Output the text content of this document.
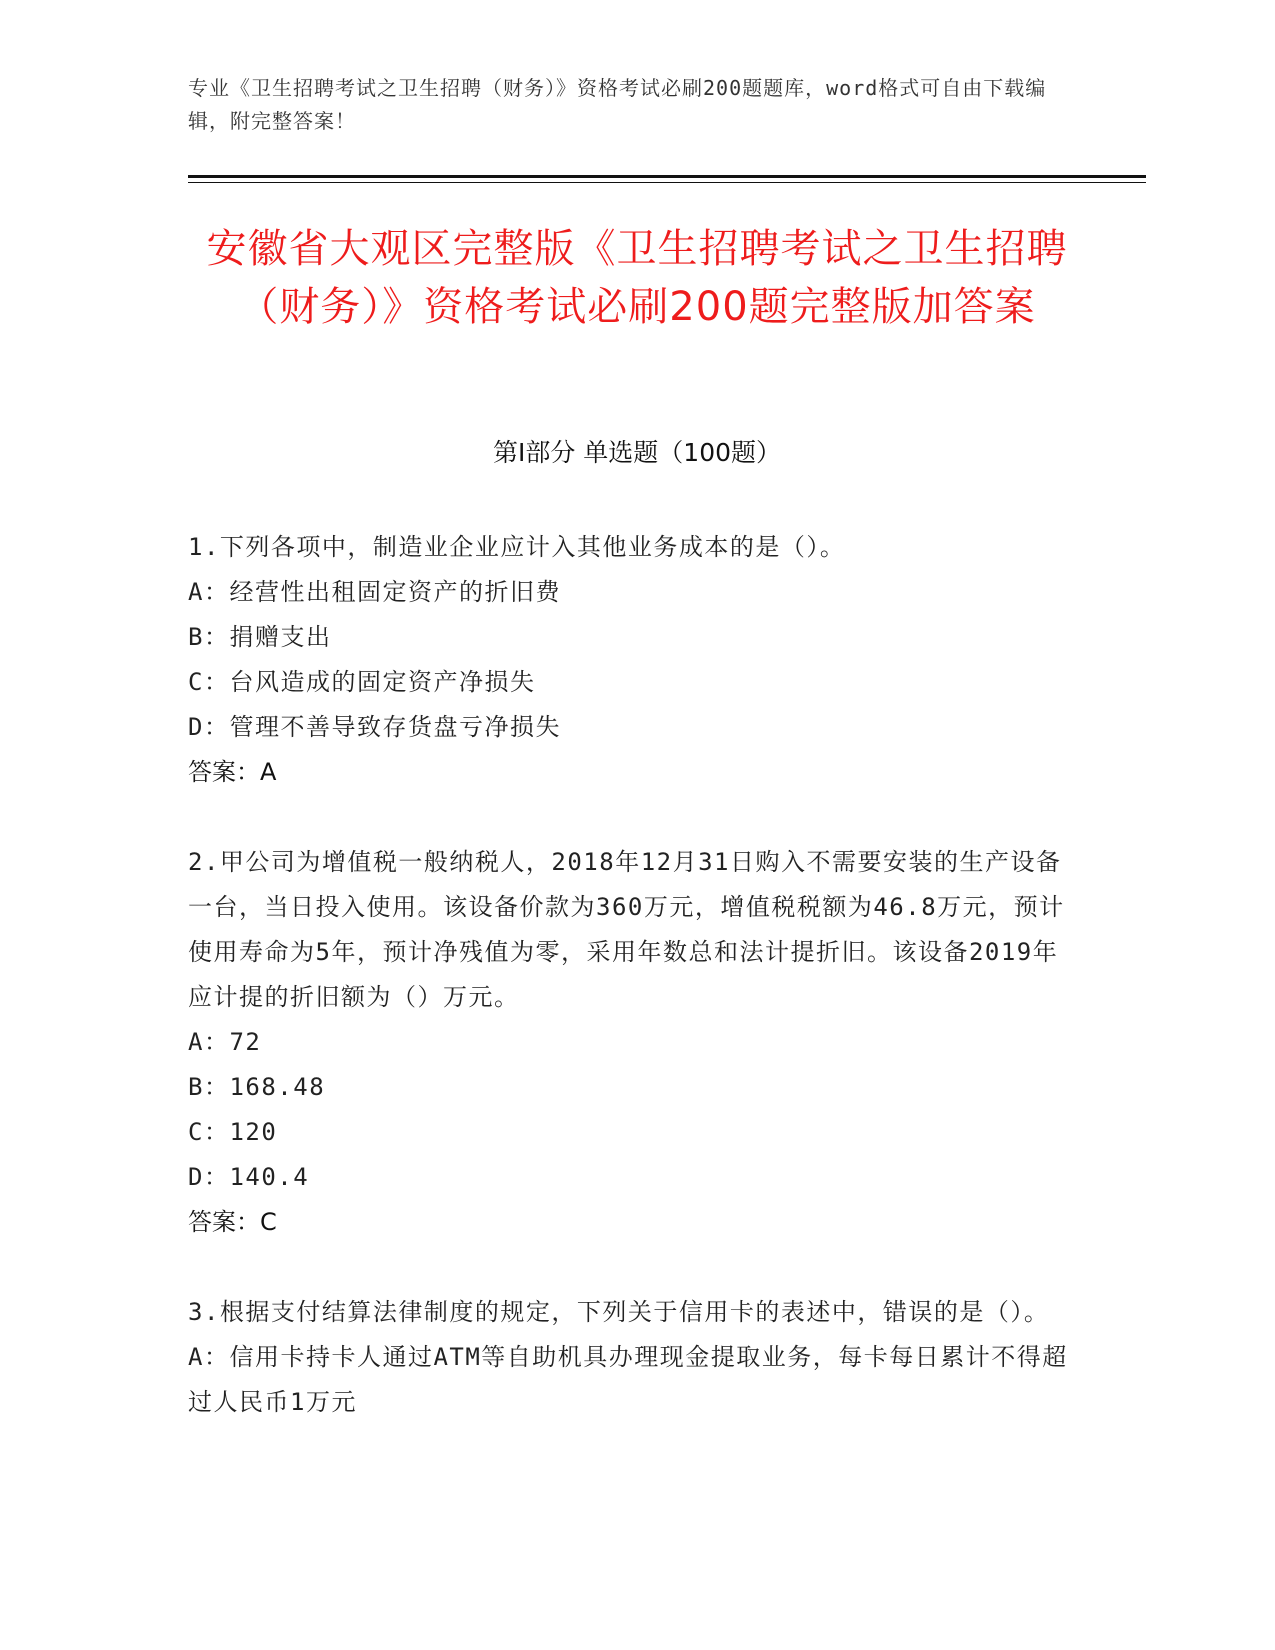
专业《卫生招聘考试之卫生招聘（财务）》资格考试必刷200题题库，word格式可自由下载编辑，附完整答案！
安徽省大观区完整版《卫生招聘考试之卫生招聘（财务）》资格考试必刷200题完整版加答案
第Ⅰ部分 单选题（100题）
1.下列各项中，制造业企业应计入其他业务成本的是（）。
A：经营性出租固定资产的折旧费
B：捐赠支出
C：台风造成的固定资产净损失
D：管理不善导致存货盘亏净损失
答案：A
2.甲公司为增值税一般纳税人，2018年12月31日购入不需要安装的生产设备一台，当日投入使用。该设备价款为360万元，增值税税额为46.8万元，预计使用寿命为5年，预计净残值为零，采用年数总和法计提折旧。该设备2019年应计提的折旧额为（）万元。
A：72
B：168.48
C：120
D：140.4
答案：C
3.根据支付结算法律制度的规定，下列关于信用卡的表述中，错误的是（）。
A：信用卡持卡人通过ATM等自助机具办理现金提取业务，每卡每日累计不得超过人民币1万元
